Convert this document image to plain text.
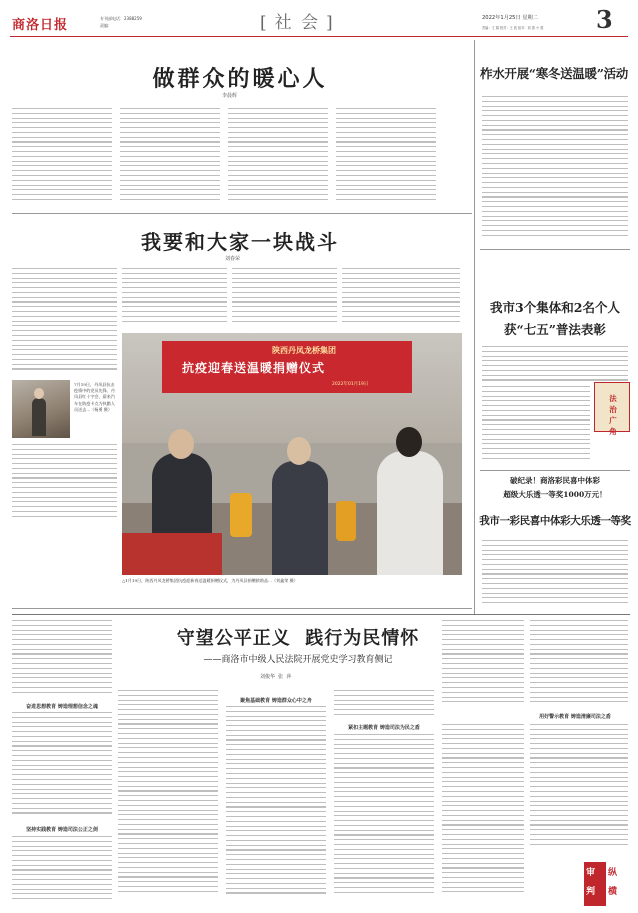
商洛日报	专刊部电话：2388259
责编：	[ 社 会 ]	2022年1月25日 星期二
责编：王 娟 校对：王 波 组对：刘 燕 小 燕 3
做群众的暖心人
李晨辉
我要和大家一块战斗
刘春荣
7月19日，丹凤县抗击疫情中的党员先锋、丹凤县红十字会、蔚来汽车在防疫卡点为执勤人员送去...（杨勇 摄）
陕西丹凤龙桥集团
抗疫迎春送温暖捐赠仪式
2022年01月19日
△1月19日，陕西丹凤龙桥集团抗疫迎新春送温暖捐赠仪式，为丹凤县捐赠救助品...（刘鑫荣 摄）
柞水开展“寒冬送温暖”活动
我市3个集体和2名个人
获“七五”普法表彰
法
治
广
角
破纪录！商洛彩民喜中体彩
超级大乐透一等奖1000万元！
我市一彩民喜中体彩大乐透一等奖
守望公平正义  践行为民情怀
——商洛市中级人民法院开展党史学习教育侧记
刘俊华  张  萍
奋进思想教育 铸造理想信念之魂
坚持实践教育 铸造司法公正之剑
聚焦基础教育 铸造群众心中之舟
紧扣主题教育 铸造司法为民之盾
用好警示教育 铸造清廉司法之盾
审
判
纵
横
